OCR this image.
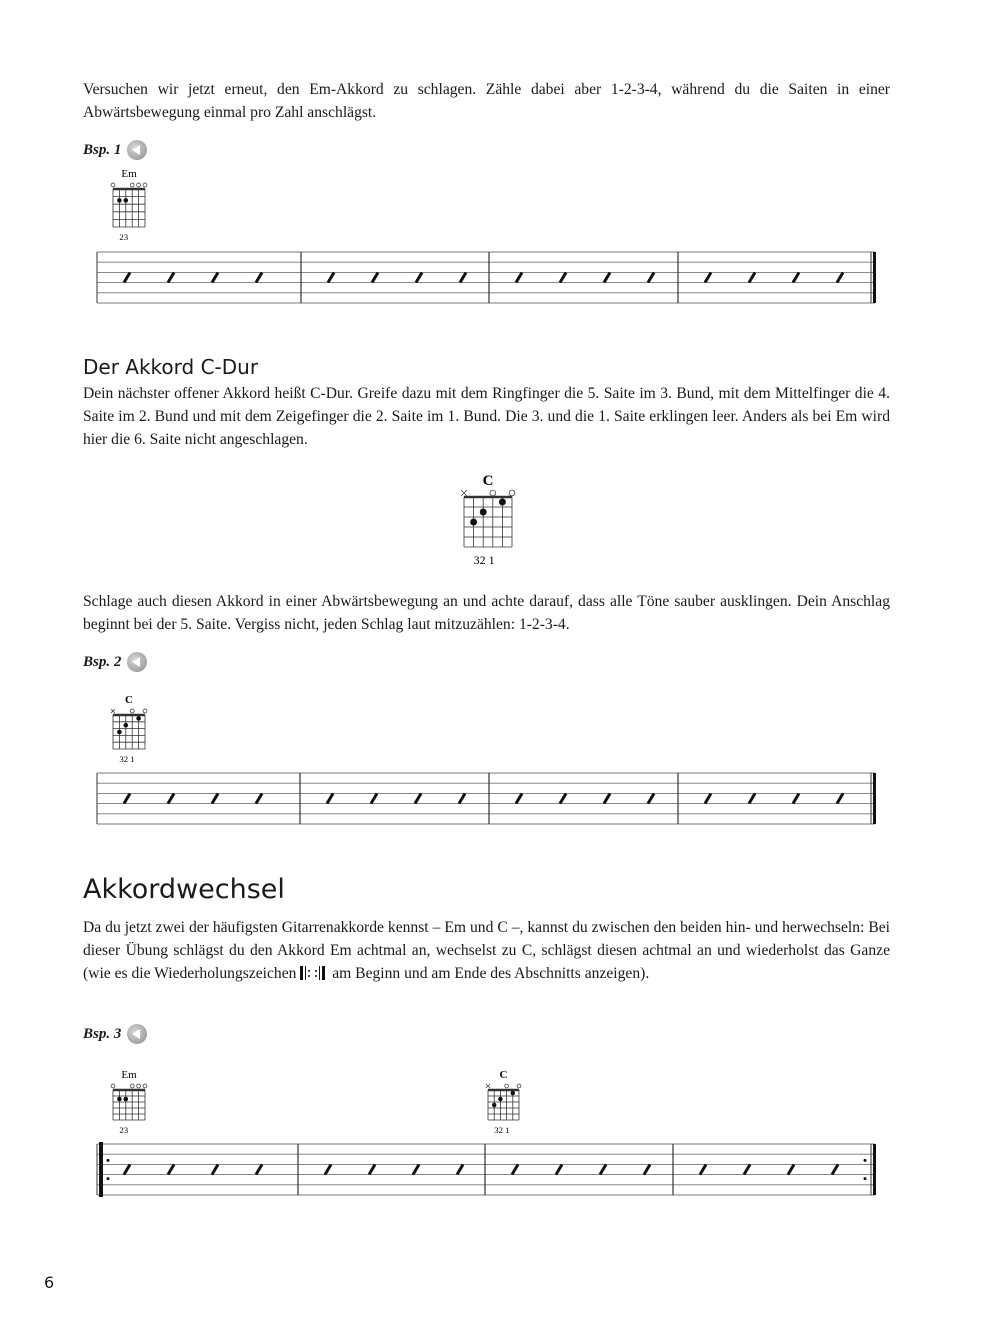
Versuchen wir jetzt erneut, den Em-Akkord zu schlagen. Zähle dabei aber 1-2-3-4, während du die Saiten in einer Abwärtsbewegung einmal pro Zahl anschlägst.

Bsp. 1
Der Akkord C-Dur

Dein nächster offener Akkord heißt C-Dur. Greife dazu mit dem Ringfinger die 5. Saite im 3. Bund, mit dem Mittelfinger die 4. Saite im 2. Bund und mit dem Zeigefinger die 2. Saite im 1. Bund. Die 3. und die 1. Saite erklingen leer. Anders als bei Em wird hier die 6. Saite nicht angeschlagen.

Schlage auch diesen Akkord in einer Abwärtsbewegung an und achte darauf, dass alle Töne sauber ausklingen. Dein Anschlag beginnt bei der 5. Saite. Vergiss nicht, jeden Schlag laut mitzuzählen: 1-2-3-4.

Bsp. 2
Akkordwechsel

Da du jetzt zwei der häufigsten Gitarrenakkorde kennst – Em und C –, kannst du zwischen den beiden hin- und herwechseln: Bei dieser Übung schlägst du den Akkord Em achtmal an, wechselst zu C, schlägst diesen achtmal an und wiederholst das Ganze (wie es die Wiederholungszeichen am Beginn und am Ende des Abschnitts anzeigen).

Bsp. 3
Em
23
C
32 1
C
32 1
Em
23
C
32 1
6
